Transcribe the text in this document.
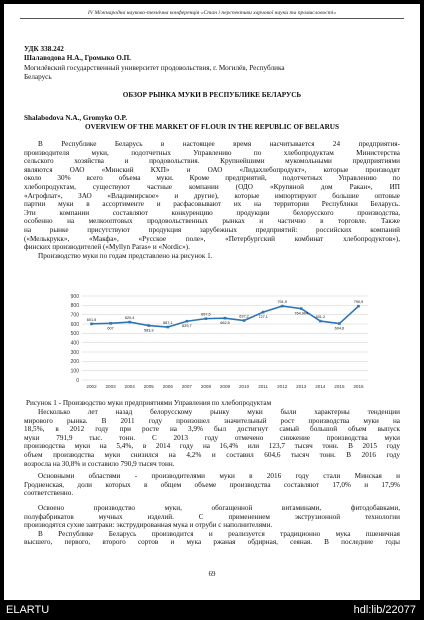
IV Міжнародна науково-технічна конференція «Стан і перспективи харчової науки та промисловості»
УДК 338.242
Шалаводова Н.А., Громыко О.П.
Могилёвский государственный университет продовольствия, г. Могилёв, Республика
Беларусь
ОБЗОР РЫНКА МУКИ В РЕСПУБЛИКЕ БЕЛАРУСЬ
Shalabodova N.A., Gromyko O.P.
OVERVIEW OF THE MARKET OF FLOUR IN THE REPUBLIC OF BELARUS
В Республике Беларусь в настоящее время насчитывается 24 предприятия-
производителя муки, подотчетных Управлению по хлебопродуктам Министерства
сельского хозяйства и продовольствия. Крупнейшими мукомольными предприятиями
являются ОАО «Минский КХП» и ОАО «Лидахлебопродукт», которые производят
около 30% всего объема муки. Кроме предприятий, подотчетных Управлению по
хлебопродуктам, существуют частные компании (ОДО «Крупяной дом Ракан», ИП
«Агрофлат», ЗАО «Владимирское» и другие), которые импортируют большие оптовые
партии муки в ассортименте и расфасовывают их на территории Республики Беларусь.
Эти компании составляют конкуренцию продукции белорусского производства,
особенно на мелкооптовых продовольственных рынках и частично в торговле. Также
на рынке присутствуют продукция зарубежных предприятий: российских компаний
(«Мелькрукк», «Макфа», «Русское поле», «Петербургский комбинат хлебопродуктов»),
финских производителей («Myllyn Paras» и «Nordic»).
Производство муки по годам представлено на рисунок 1.
0
100
200
300
400
500
600
700
800
900
2002 2003 2004 2005 2006 2007 2008 2009 2010 2011 2012 2013 2014 2015 2016
601,5
607
620,4
583,3
567,1
629,7
657,5
662,5
637,2	727,1
791,9
764,904
631,2
604,6
790,9
Рисунок 1 - Производство муки предприятиями Управления по хлебопродуктам
Несколько лет назад белорусскому рынку муки были характерны тенденции
мирового рынка. В 2011 году произошел значительный рост производства муки на
18,5%, в 2012 году при росте на 3,9% был достигнут самый большой объем выпуск
муки 791,9 тыс. тонн. С 2013 году отмечено снижение производства муки
производства муки на 5,4%, в 2014 году на 16,4% или 123,7 тысяч тонн. В 2015 году
объем производства муки снизился на 4,2% и составил 604,6 тысяч тонн. В 2016 году
возросла на 30,8% и составило 790,9 тысяч тонн.
Основными областями - производителями муки в 2016 году стали Минская и
Гродненская, доли которых в общем объеме производства составляют 17,0% и 17,9%
соответственно.
Освоено производство муки, обогащенной витаминами, фитодобавками,
полуфабрикатов мучных изделий. С применением экструзионной технологии
производятся сухие завтраки: экструдированная мука и отруби с наполнителями.
В Республике Беларусь производится и реализуется традиционно мука пшеничная
высшего, первого, второго сортов и мука ржаная обдирная, сеяная. В последние годы
69
ELARTU	hdl:lib/22077
